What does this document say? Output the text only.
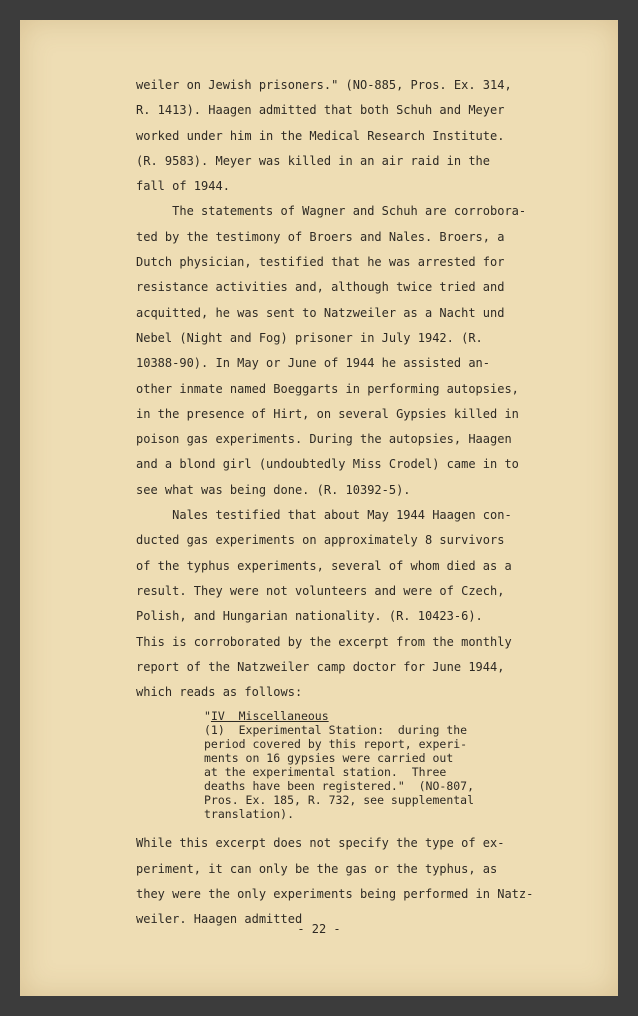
weiler on Jewish prisoners." (NO-885, Pros. Ex. 314,
R. 1413). Haagen admitted that both Schuh and Meyer
worked under him in the Medical Research Institute.
(R. 9583). Meyer was killed in an air raid in the
fall of 1944.
The statements of Wagner and Schuh are corrobora-
ted by the testimony of Broers and Nales. Broers, a
Dutch physician, testified that he was arrested for
resistance activities and, although twice tried and
acquitted, he was sent to Natzweiler as a Nacht und
Nebel (Night and Fog) prisoner in July 1942. (R.
10388-90). In May or June of 1944 he assisted an-
other inmate named Boeggarts in performing autopsies,
in the presence of Hirt, on several Gypsies killed in
poison gas experiments. During the autopsies, Haagen
and a blond girl (undoubtedly Miss Crodel) came in to
see what was being done. (R. 10392-5).
Nales testified that about May 1944 Haagen con-
ducted gas experiments on approximately 8 survivors
of the typhus experiments, several of whom died as a
result. They were not volunteers and were of Czech,
Polish, and Hungarian nationality. (R. 10423-6).
This is corroborated by the excerpt from the monthly
report of the Natzweiler camp doctor for June 1944,
which reads as follows:
"IV  Miscellaneous
(1)  Experimental Station:  during the
period covered by this report, experi-
ments on 16 gypsies were carried out
at the experimental station.  Three
deaths have been registered."  (NO-807,
Pros. Ex. 185, R. 732, see supplemental
translation).
While this excerpt does not specify the type of ex-
periment, it can only be the gas or the typhus, as
they were the only experiments being performed in Natz-
weiler. Haagen admitted
- 22 -
